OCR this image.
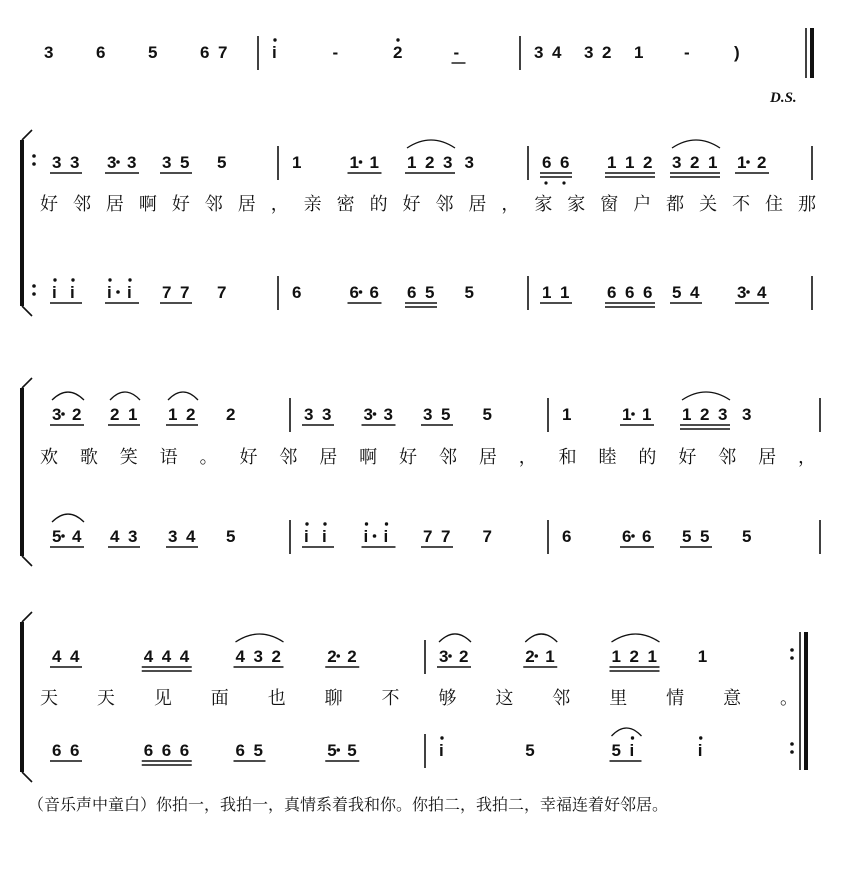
3	6	5	6 7	i	-	2	-	3 4 3 2 1 -	)
3 3 3 3 3 5 5	1	1 1 1 2 3 3	6 6 1 1 2 3 2 1 1 2
好 邻 居 啊 好 邻 居 ， 亲 密 的 好 邻 居 ， 家 家 窗 户 都 关 不 住 那
i i i i 7 7 7	6	6 6 6 5 5	1 1 6 6 6 5 4 3 4
3 2 2 1 1 2 2	3 3 3 3 3 5 5	1	1 1 1 2 3 3
欢 歌 笑 语 。 好 邻 居 啊 好 邻 居 ， 和 睦 的 好 邻 居 ，
5 4 4 3 3 4 5	i i i i 7 7 7	6	6 6 5 5 5
4 4	4 4 4	4 3 2	2 2	3 2	2 1	1 2 1 1
天 天 见 面 也 聊 不 够 这 邻 里 情 意 。
6 6	6 6 6	6 5	5 5	i	5	5 i	i
D.S.
（音乐声中童白）你拍一，我拍一，真情系着我和你。你拍二，我拍二，幸福连着好邻居。
